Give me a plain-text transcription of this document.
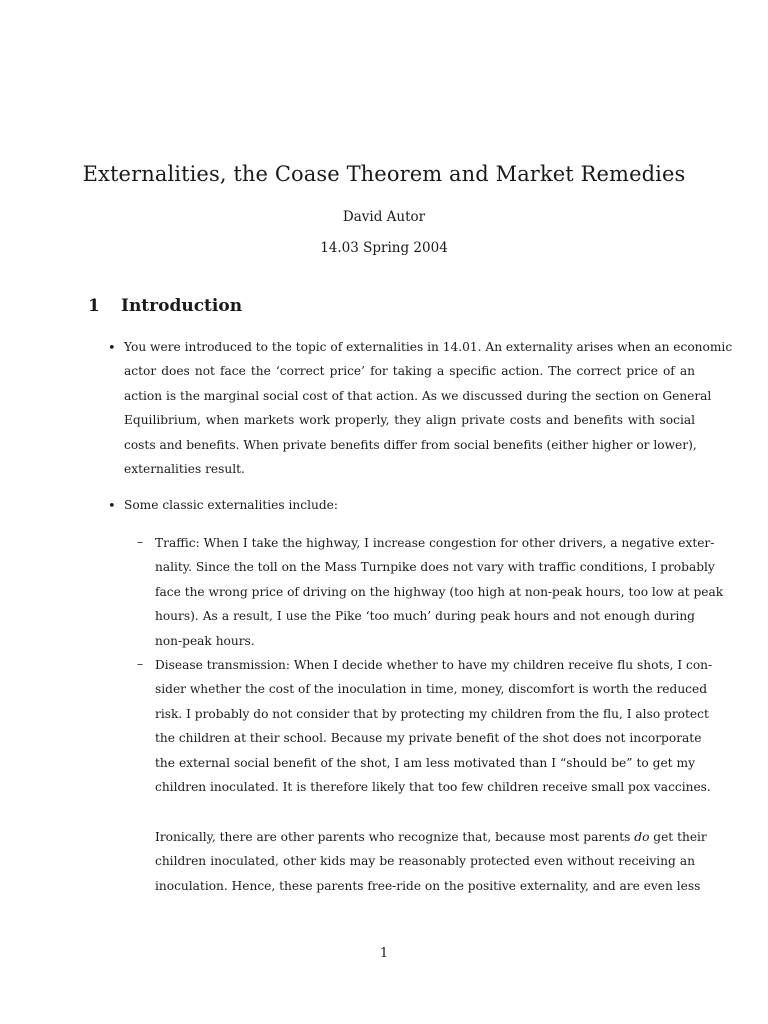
Externalities, the Coase Theorem and Market Remedies
David Autor
14.03 Spring 2004
1 Introduction
• You were introduced to the topic of externalities in 14.01. An externality arises when an economic
actor does not face the ‘correct price’ for taking a specific action. The correct price of an
action is the marginal social cost of that action. As we discussed during the section on General
Equilibrium, when markets work properly, they align private costs and benefits with social
costs and benefits. When private benefits differ from social benefits (either higher or lower),
externalities result.
• Some classic externalities include:
– Traffic: When I take the highway, I increase congestion for other drivers, a negative exter-
nality. Since the toll on the Mass Turnpike does not vary with traffic conditions, I probably
face the wrong price of driving on the highway (too high at non-peak hours, too low at peak
hours). As a result, I use the Pike ‘too much’ during peak hours and not enough during
non-peak hours.
– Disease transmission: When I decide whether to have my children receive flu shots, I con-
sider whether the cost of the inoculation in time, money, discomfort is worth the reduced
risk. I probably do not consider that by protecting my children from the flu, I also protect
the children at their school. Because my private benefit of the shot does not incorporate
the external social benefit of the shot, I am less motivated than I “should be” to get my
children inoculated. It is therefore likely that too few children receive small pox vaccines.
Ironically, there are other parents who recognize that, because most parents do get their
children inoculated, other kids may be reasonably protected even without receiving an
inoculation. Hence, these parents free-ride on the positive externality, and are even less
1
